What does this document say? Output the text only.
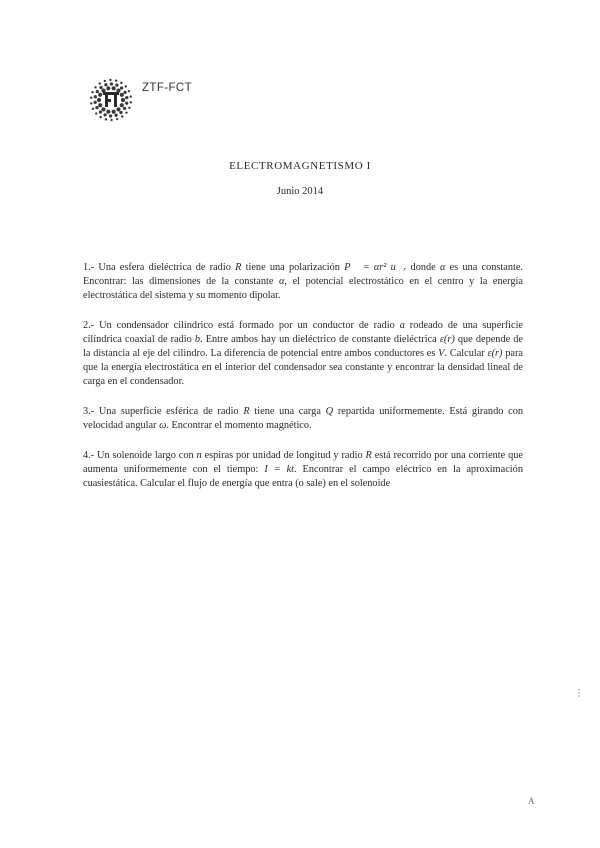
ZTF-FCT
ELECTROMAGNETISMO I
Junio 2014

1.- Una esfera dieléctrica de radio R tiene una polarización P⃗ = αr² u⃗ᵣ donde α es una constante. Encontrar: las dimensiones de la constante α, el potencial electrostático en el centro y la energía electrostática del sistema y su momento dipolar.

2.- Un condensador cilíndrico está formado por un conductor de radio a rodeado de una superficie cilíndrica coaxial de radio b. Entre ambos hay un dieléctrico de constante dieléctrica ε(r) que depende de la distancia al eje del cilindro. La diferencia de potencial entre ambos conductores es V. Calcular ε(r) para que la energía electrostática en el interior del condensador sea constante y encontrar la densidad lineal de carga en el condensador.

3.- Una superficie esférica de radio R tiene una carga Q repartida uniformemente. Está girando con velocidad angular ω. Encontrar el momento magnético.

4.- Un solenoide largo con n espiras por unidad de longitud y radio R está recorrido por una corriente que aumenta uniformemente con el tiempo: I = kt. Encontrar el campo eléctrico en la aproximación cuasiestática. Calcular el flujo de energía que entra (o sale) en el solenoide

A
